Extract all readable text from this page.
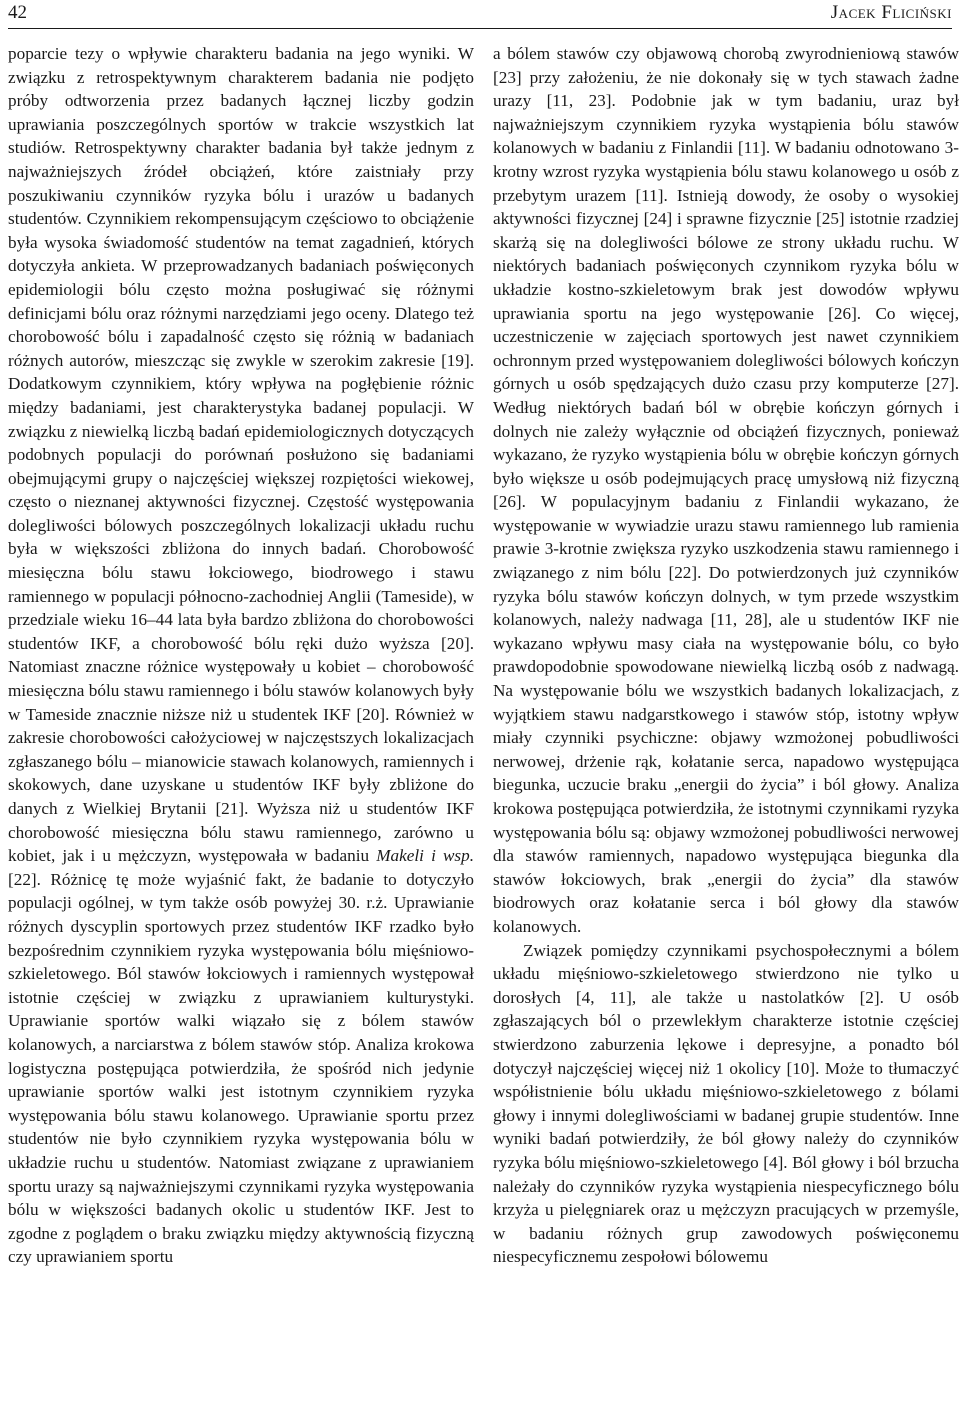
42	Jacek Fliciński

poparcie tezy o wpływie charakteru badania na jego wyniki. W związku z retrospektywnym charakterem badania nie podjęto próby odtworzenia przez badanych łącznej liczby godzin uprawiania poszczególnych sportów w trakcie wszystkich lat studiów. Retrospektywny charakter badania był także jednym z najważniejszych źródeł obciążeń, które zaistniały przy poszukiwaniu czynników ryzyka bólu i urazów u badanych studentów. Czynnikiem rekompensującym częściowo to obciążenie była wysoka świadomość studentów na temat zagadnień, których dotyczyła ankieta. W przeprowadzanych badaniach poświęconych epidemiologii bólu często można posługiwać się różnymi definicjami bólu oraz różnymi narzędziami jego oceny. Dlatego też chorobowość bólu i zapadalność często się różnią w badaniach różnych autorów, mieszcząc się zwykle w szerokim zakresie [19]. Dodatkowym czynnikiem, który wpływa na pogłębienie różnic między badaniami, jest charakterystyka badanej populacji. W związku z niewielką liczbą badań epidemiologicznych dotyczących podobnych populacji do porównań posłużono się badaniami obejmującymi grupy o najczęściej większej rozpiętości wiekowej, często o nieznanej aktywności fizycznej. Częstość występowania dolegliwości bólowych poszczególnych lokalizacji układu ruchu była w większości zbliżona do innych badań. Chorobowość miesięczna bólu stawu łokciowego, biodrowego i stawu ramiennego w populacji północno-zachodniej Anglii (Tameside), w przedziale wieku 16–44 lata była bardzo zbliżona do chorobowości studentów IKF, a chorobowość bólu ręki dużo wyższa [20]. Natomiast znaczne różnice występowały u kobiet – chorobowość miesięczna bólu stawu ramiennego i bólu stawów kolanowych były w Tameside znacznie niższe niż u studentek IKF [20]. Również w zakresie chorobowości całożyciowej w najczęstszych lokalizacjach zgłaszanego bólu – mianowicie stawach kolanowych, ramiennych i skokowych, dane uzyskane u studentów IKF były zbliżone do danych z Wielkiej Brytanii [21]. Wyższa niż u studentów IKF chorobowość miesięczna bólu stawu ramiennego, zarówno u kobiet, jak i u mężczyzn, występowała w badaniu Makeli i wsp. [22]. Różnicę tę może wyjaśnić fakt, że badanie to dotyczyło populacji ogólnej, w tym także osób powyżej 30. r.ż. Uprawianie różnych dyscyplin sportowych przez studentów IKF rzadko było bezpośrednim czynnikiem ryzyka występowania bólu mięśniowo-szkieletowego. Ból stawów łokciowych i ramiennych występował istotnie częściej w związku z uprawianiem kulturystyki. Uprawianie sportów walki wiązało się z bólem stawów kolanowych, a narciarstwa z bólem stawów stóp. Analiza krokowa logistyczna postępująca potwierdziła, że spośród nich jedynie uprawianie sportów walki jest istotnym czynnikiem ryzyka występowania bólu stawu kolanowego. Uprawianie sportu przez studentów nie było czynnikiem ryzyka występowania bólu w układzie ruchu u studentów. Natomiast związane z uprawianiem sportu urazy są najważniejszymi czynnikami ryzyka występowania bólu w większości badanych okolic u studentów IKF. Jest to zgodne z poglądem o braku związku między aktywnością fizyczną czy uprawianiem sportu

a bólem stawów czy objawową chorobą zwyrodnieniową stawów [23] przy założeniu, że nie dokonały się w tych stawach żadne urazy [11, 23]. Podobnie jak w tym badaniu, uraz był najważniejszym czynnikiem ryzyka wystąpienia bólu stawów kolanowych w badaniu z Finlandii [11]. W badaniu odnotowano 3-krotny wzrost ryzyka wystąpienia bólu stawu kolanowego u osób z przebytym urazem [11]. Istnieją dowody, że osoby o wysokiej aktywności fizycznej [24] i sprawne fizycznie [25] istotnie rzadziej skarżą się na dolegliwości bólowe ze strony układu ruchu. W niektórych badaniach poświęconych czynnikom ryzyka bólu w układzie kostno-szkieletowym brak jest dowodów wpływu uprawiania sportu na jego występowanie [26]. Co więcej, uczestniczenie w zajęciach sportowych jest nawet czynnikiem ochronnym przed występowaniem dolegliwości bólowych kończyn górnych u osób spędzających dużo czasu przy komputerze [27]. Według niektórych badań ból w obrębie kończyn górnych i dolnych nie zależy wyłącznie od obciążeń fizycznych, ponieważ wykazano, że ryzyko wystąpienia bólu w obrębie kończyn górnych było większe u osób podejmujących pracę umysłową niż fizyczną [26]. W populacyjnym badaniu z Finlandii wykazano, że występowanie w wywiadzie urazu stawu ramiennego lub ramienia prawie 3-krotnie zwiększa ryzyko uszkodzenia stawu ramiennego i związanego z nim bólu [22]. Do potwierdzonych już czynników ryzyka bólu stawów kończyn dolnych, w tym przede wszystkim kolanowych, należy nadwaga [11, 28], ale u studentów IKF nie wykazano wpływu masy ciała na występowanie bólu, co było prawdopodobnie spowodowane niewielką liczbą osób z nadwagą. Na występowanie bólu we wszystkich badanych lokalizacjach, z wyjątkiem stawu nadgarstkowego i stawów stóp, istotny wpływ miały czynniki psychiczne: objawy wzmożonej pobudliwości nerwowej, drżenie rąk, kołatanie serca, napadowo występująca biegunka, uczucie braku „energii do życia” i ból głowy. Analiza krokowa postępująca potwierdziła, że istotnymi czynnikami ryzyka występowania bólu są: objawy wzmożonej pobudliwości nerwowej dla stawów ramiennych, napadowo występująca biegunka dla stawów łokciowych, brak „energii do życia” dla stawów biodrowych oraz kołatanie serca i ból głowy dla stawów kolanowych.

Związek pomiędzy czynnikami psychospołecznymi a bólem układu mięśniowo-szkieletowego stwierdzono nie tylko u dorosłych [4, 11], ale także u nastolatków [2]. U osób zgłaszających ból o przewlekłym charakterze istotnie częściej stwierdzono zaburzenia lękowe i depresyjne, a ponadto ból dotyczył najczęściej więcej niż 1 okolicy [10]. Może to tłumaczyć współistnienie bólu układu mięśniowo-szkieletowego z bólami głowy i innymi dolegliwościami w badanej grupie studentów. Inne wyniki badań potwierdziły, że ból głowy należy do czynników ryzyka bólu mięśniowo-szkieletowego [4]. Ból głowy i ból brzucha należały do czynników ryzyka wystąpienia niespecyficznego bólu krzyża u pielęgniarek oraz u mężczyzn pracujących w przemyśle, w badaniu różnych grup zawodowych poświęconemu niespecyficznemu zespołowi bólowemu
